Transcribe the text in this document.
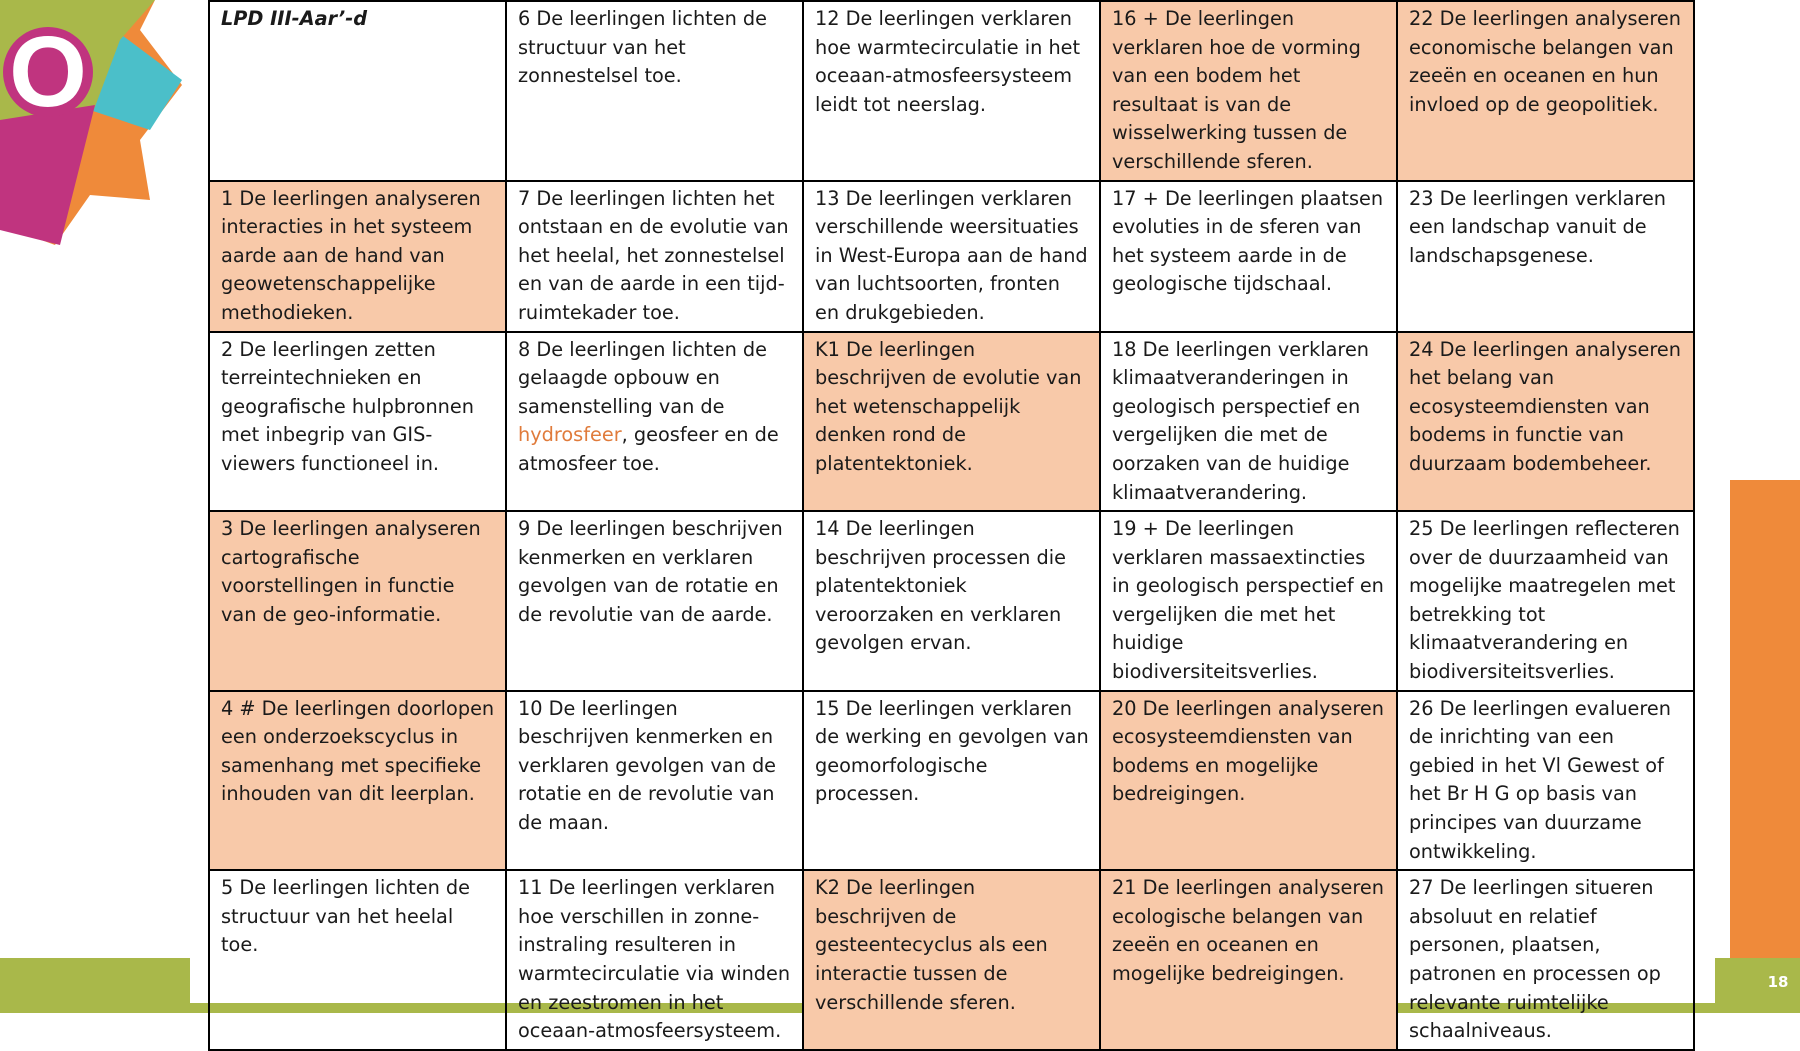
O
18
LPD III-Aar’-d	6 De leerlingen lichten de structuur van het zonnestelsel toe.	12 De leerlingen verklaren hoe warmtecirculatie in het oceaan-atmosfeersysteem leidt tot neerslag.	16 + De leerlingen verklaren hoe de vorming van een bodem het resultaat is van de wisselwerking tussen de verschillende sferen.	22 De leerlingen analyseren economische belangen van zeeën en oceanen en hun invloed op de geopolitiek.
1 De leerlingen analyseren interacties in het systeem aarde aan de hand van geowetenschappelijke methodieken.	7 De leerlingen lichten het ontstaan en de evolutie van het heelal, het zonnestelsel en van de aarde in een tijd-ruimtekader toe.	13 De leerlingen verklaren verschillende weersituaties in West-Europa aan de hand van luchtsoorten, fronten en drukgebieden.	17 + De leerlingen plaatsen evoluties in de sferen van het systeem aarde in de geologische tijdschaal.	23 De leerlingen verklaren een landschap vanuit de landschapsgenese.
2 De leerlingen zetten terreintechnieken en geografische hulpbronnen met inbegrip van GIS-viewers functioneel in.	8 De leerlingen lichten de gelaagde opbouw en samenstelling van de hydrosfeer, geosfeer en de atmosfeer toe.	K1 De leerlingen beschrijven de evolutie van het wetenschappelijk denken rond de platentektoniek.	18 De leerlingen verklaren klimaatveranderingen in geologisch perspectief en vergelijken die met de oorzaken van de huidige klimaatverandering.	24 De leerlingen analyseren het belang van ecosysteemdiensten van bodems in functie van duurzaam bodembeheer.
3 De leerlingen analyseren cartografische voorstellingen in functie van de geo-informatie.	9 De leerlingen beschrijven kenmerken en verklaren gevolgen van de rotatie en de revolutie van de aarde.	14 De leerlingen beschrijven processen die platentektoniek veroorzaken en verklaren gevolgen ervan.	19 + De leerlingen verklaren massaextincties in geologisch perspectief en vergelijken die met het huidige biodiversiteitsverlies.	25 De leerlingen reflecteren over de duurzaamheid van mogelijke maatregelen met betrekking tot klimaatverandering en biodiversiteitsverlies.
4 # De leerlingen doorlopen een onderzoekscyclus in samenhang met specifieke inhouden van dit leerplan.	10 De leerlingen beschrijven kenmerken en verklaren gevolgen van de rotatie en de revolutie van de maan.	15 De leerlingen verklaren de werking en gevolgen van geomorfologische processen.	20 De leerlingen analyseren ecosysteemdiensten van bodems en mogelijke bedreigingen.	26 De leerlingen evalueren de inrichting van een gebied in het Vl Gewest of het Br H G op basis van principes van duurzame ontwikkeling.
5 De leerlingen lichten de structuur van het heelal toe.	11 De leerlingen verklaren hoe verschillen in zonne-instraling resulteren in warmtecirculatie via winden en zeestromen in het oceaan-atmosfeersysteem.	K2 De leerlingen beschrijven de gesteentecyclus als een interactie tussen de verschillende sferen.	21 De leerlingen analyseren ecologische belangen van zeeën en oceanen en mogelijke bedreigingen.	27 De leerlingen situeren absoluut en relatief personen, plaatsen, patronen en processen op relevante ruimtelijke schaalniveaus.
